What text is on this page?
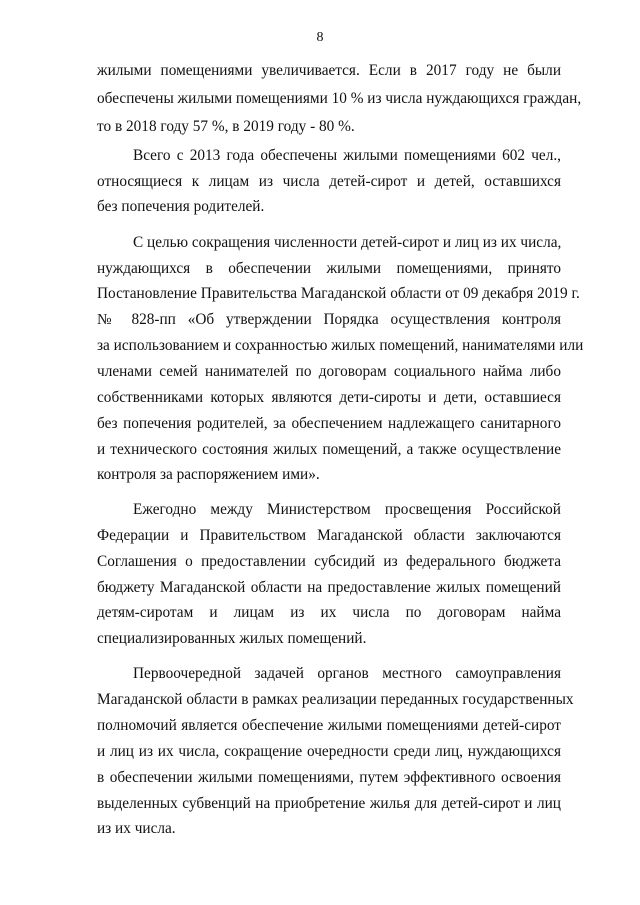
8
жилыми помещениями увеличивается. Если в 2017 году не были
обеспечены жилыми помещениями 10 % из числа нуждающихся граждан,
то в 2018 году 57 %, в 2019 году - 80 %.
Всего с 2013 года обеспечены жилыми помещениями 602 чел.,
относящиеся к лицам из числа детей-сирот и детей, оставшихся
без попечения родителей.
С целью сокращения численности детей-сирот и лиц из их числа,
нуждающихся в обеспечении жилыми помещениями, принято
Постановление Правительства Магаданской области от 09 декабря 2019 г.
№ 828-пп «Об утверждении Порядка осуществления контроля
за использованием и сохранностью жилых помещений, нанимателями или
членами семей нанимателей по договорам социального найма либо
собственниками которых являются дети-сироты и дети, оставшиеся
без попечения родителей, за обеспечением надлежащего санитарного
и технического состояния жилых помещений, а также осуществление
контроля за распоряжением ими».
Ежегодно между Министерством просвещения Российской
Федерации и Правительством Магаданской области заключаются
Соглашения о предоставлении субсидий из федерального бюджета
бюджету Магаданской области на предоставление жилых помещений
детям-сиротам и лицам из их числа по договорам найма
специализированных жилых помещений.
Первоочередной задачей органов местного самоуправления
Магаданской области в рамках реализации переданных государственных
полномочий является обеспечение жилыми помещениями детей-сирот
и лиц из их числа, сокращение очередности среди лиц, нуждающихся
в обеспечении жилыми помещениями, путем эффективного освоения
выделенных субвенций на приобретение жилья для детей-сирот и лиц
из их числа.
